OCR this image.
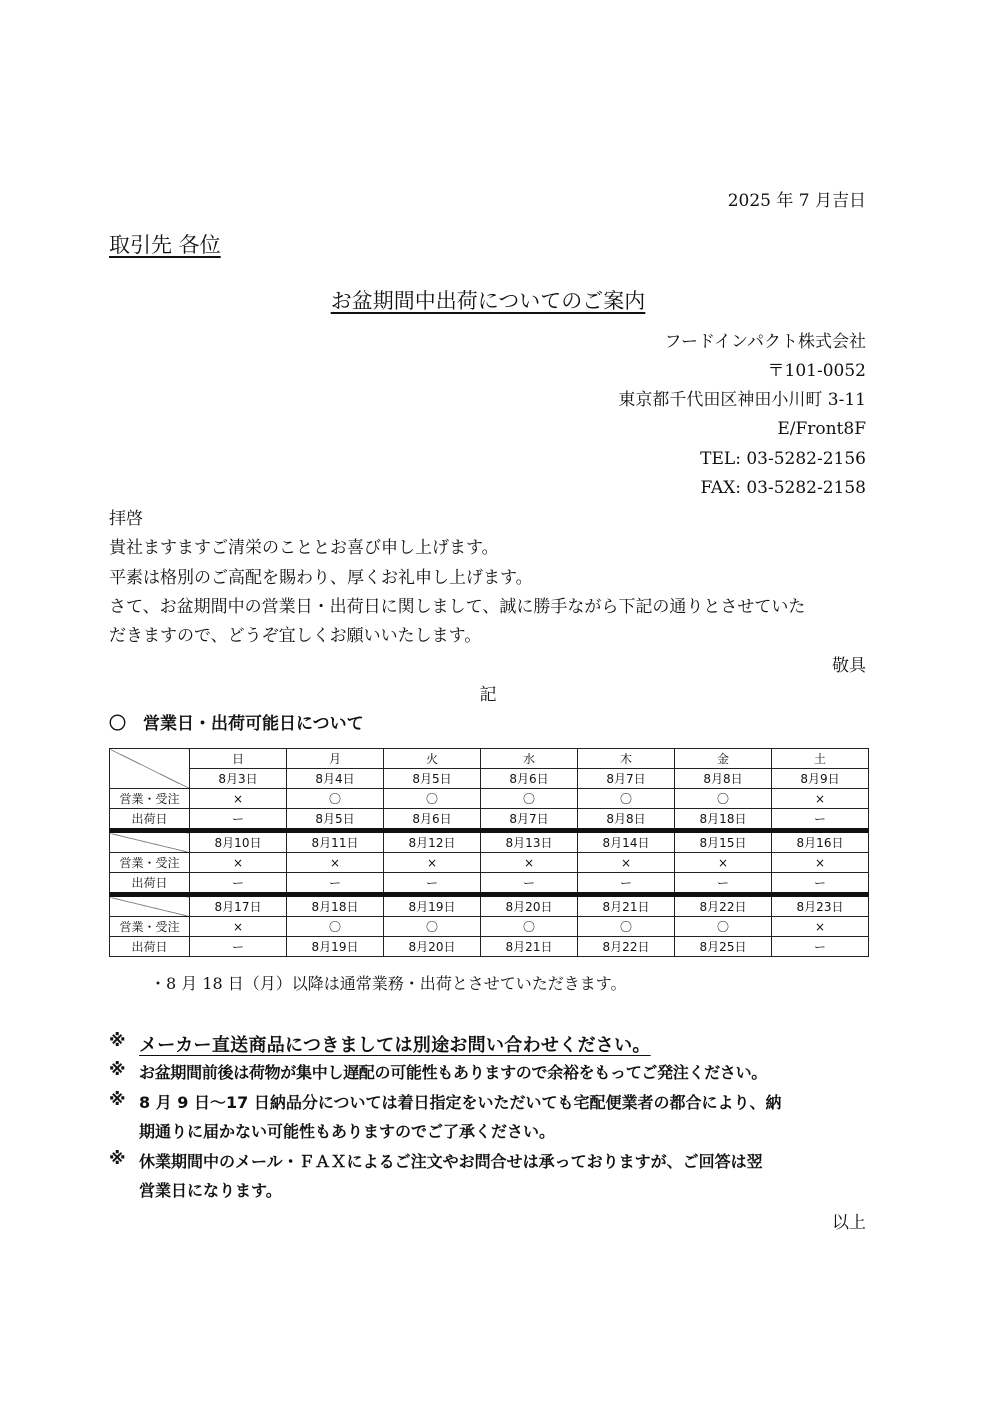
2025 年 7 月吉日
取引先 各位
お盆期間中出荷についてのご案内
フードインパクト株式会社
〒101-0052
東京都千代田区神田小川町 3-11
E/Front8F
TEL: 03-5282-2156
FAX: 03-5282-2158
拝啓
貴社ますますご清栄のこととお喜び申し上げます。
平素は格別のご高配を賜わり、厚くお礼申し上げます。
さて、お盆期間中の営業日・出荷日に関しまして、誠に勝手ながら下記の通りとさせていた
だきますので、どうぞ宜しくお願いいたします。
敬具
記
〇　営業日・出荷可能日について
	日	月	火	水	木	金	土
	8月3日	8月4日	8月5日	8月6日	8月7日	8月8日	8月9日
営業・受注	×	〇	〇	〇	〇	〇	×
出荷日	ー	8月5日	8月6日	8月7日	8月8日	8月18日	ー
	8月10日	8月11日	8月12日	8月13日	8月14日	8月15日	8月16日
営業・受注	×	×	×	×	×	×	×
出荷日	ー	ー	ー	ー	ー	ー	ー
	8月17日	8月18日	8月19日	8月20日	8月21日	8月22日	8月23日
営業・受注	×	〇	〇	〇	〇	〇	×
出荷日	ー	8月19日	8月20日	8月21日	8月22日	8月25日	ー
・8 月 18 日（月）以降は通常業務・出荷とさせていただきます。
※ メーカー直送商品につきましては別途お問い合わせください。
※ お盆期間前後は荷物が集中し遅配の可能性もありますので余裕をもってご発注ください。
※ 8 月 9 日～17 日納品分については着日指定をいただいても宅配便業者の都合により、納
期通りに届かない可能性もありますのでご了承ください。
※ 休業期間中のメール・ＦＡＸによるご注文やお問合せは承っておりますが、ご回答は翌
営業日になります。
以上
